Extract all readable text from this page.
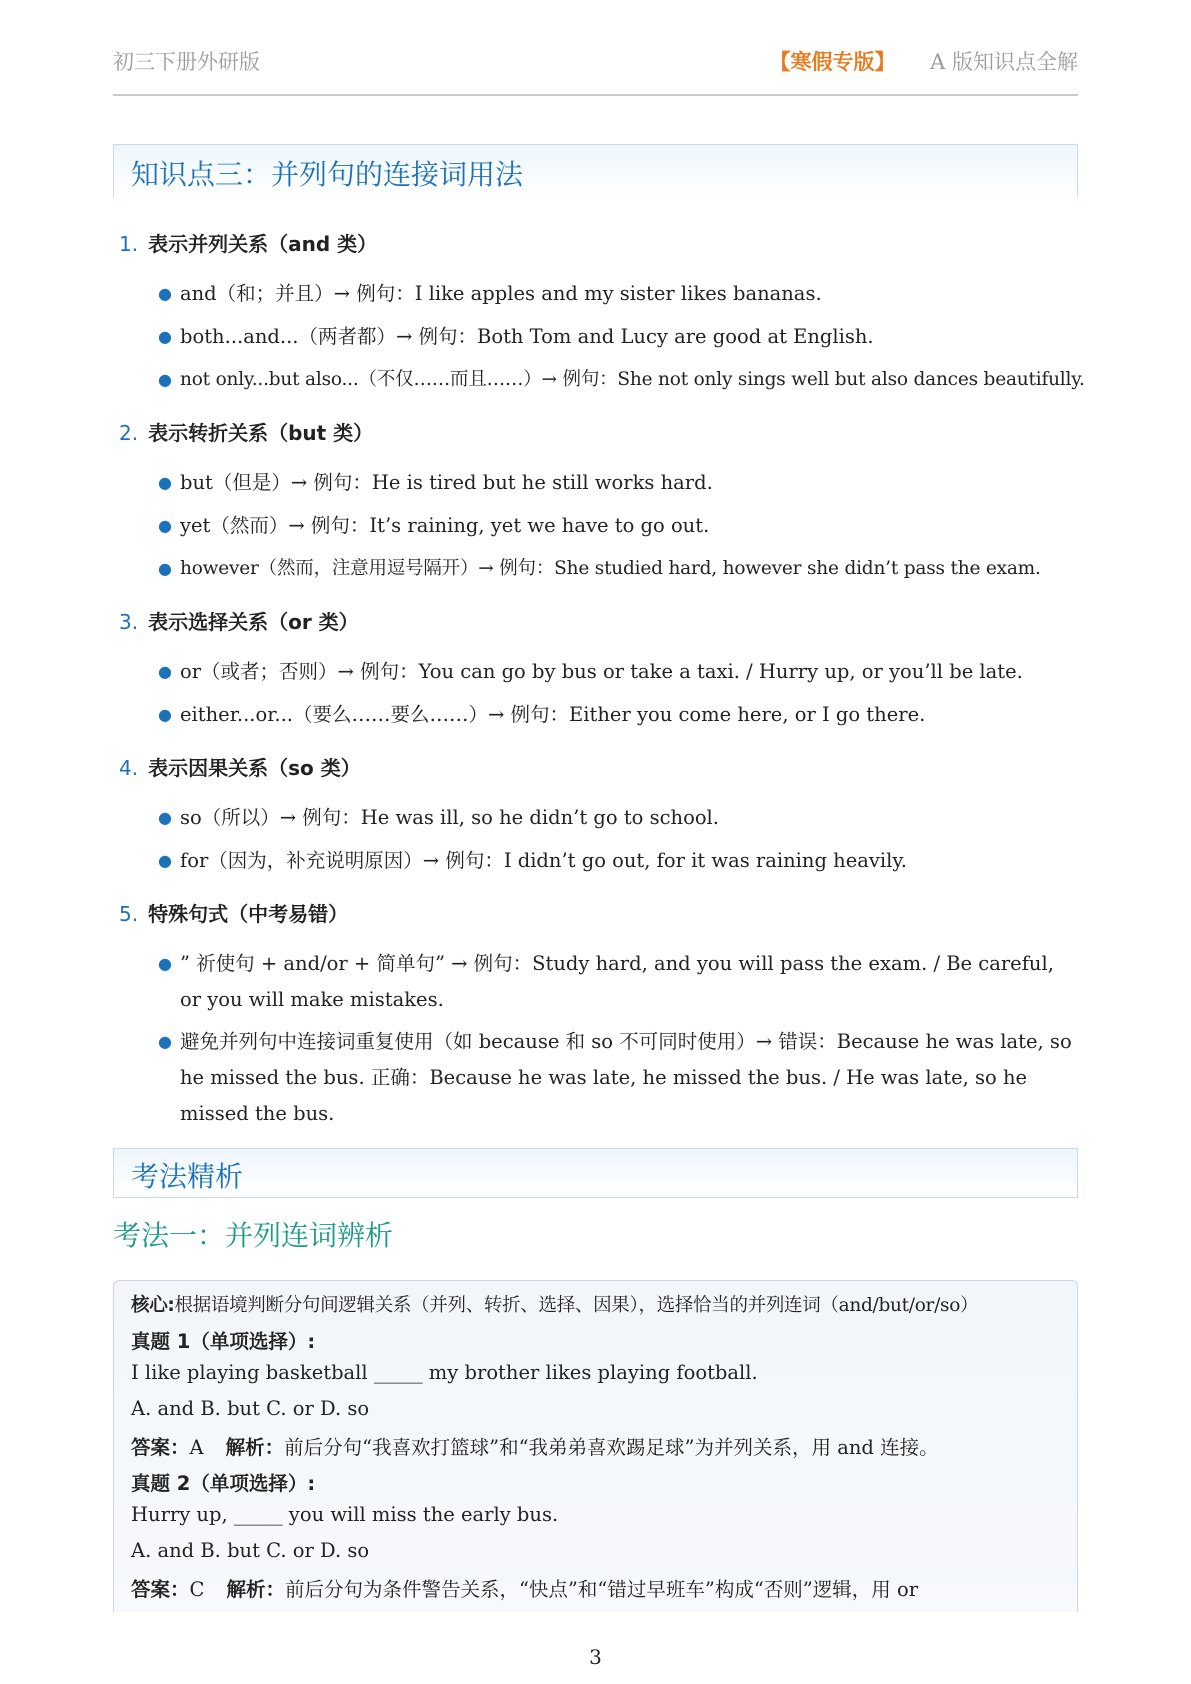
初三下册外研版	【寒假专版】 A 版知识点全解
知识点三：并列句的连接词用法
1. 表示并列关系（and 类）
● and（和；并且）→ 例句：I like apples and my sister likes bananas.
● both...and...（两者都）→ 例句：Both Tom and Lucy are good at English.
● not only...but also...（不仅……而且……）→ 例句：She not only sings well but also dances beautifully.
2. 表示转折关系（but 类）
● but（但是）→ 例句：He is tired but he still works hard.
● yet（然而）→ 例句：It’s raining, yet we have to go out.
● however（然而，注意用逗号隔开）→ 例句：She studied hard, however she didn’t pass the exam.
3. 表示选择关系（or 类）
● or（或者；否则）→ 例句：You can go by bus or take a taxi. / Hurry up, or you’ll be late.
● either...or...（要么……要么……）→ 例句：Either you come here, or I go there.
4. 表示因果关系（so 类）
● so（所以）→ 例句：He was ill, so he didn’t go to school.
● for（因为，补充说明原因）→ 例句：I didn’t go out, for it was raining heavily.
5. 特殊句式（中考易错）
● ” 祈使句 + and/or + 简单句” → 例句：Study hard, and you will pass the exam. / Be careful, or you will make mistakes.
● 避免并列句中连接词重复使用（如 because 和 so 不可同时使用）→ 错误：Because he was late, so he missed the bus. 正确：Because he was late, he missed the bus. / He was late, so he missed the bus.
考法精析
考法一：并列连词辨析
核心:根据语境判断分句间逻辑关系（并列、转折、选择、因果），选择恰当的并列连词（and/but/or/so）
真题 1（单项选择）:
I like playing basketball _____ my brother likes playing football.
A. and B. but C. or D. so
答案：A 解析：前后分句“我喜欢打篮球”和“我弟弟喜欢踢足球”为并列关系，用 and 连接。
真题 2（单项选择）:
Hurry up, _____ you will miss the early bus.
A. and B. but C. or D. so
答案：C 解析：前后分句为条件警告关系，“快点”和“错过早班车”构成“否则”逻辑，用 or
3
